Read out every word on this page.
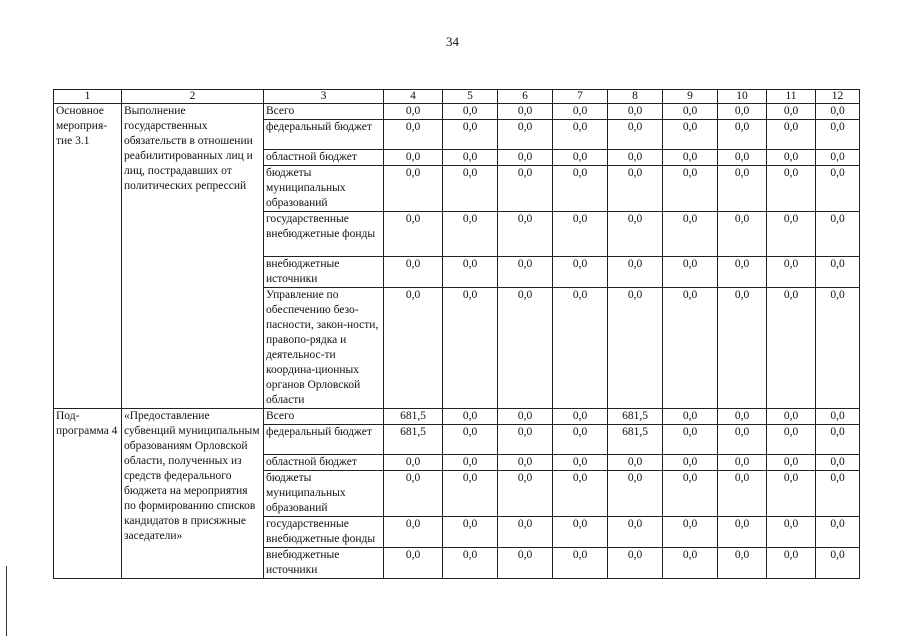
34
1	2	3	4	5	6	7	8	9	10	11	12
Основное мероприя-тие 3.1	Выполнение государственных обязательств в отношении реабилитированных лиц и лиц, пострадавших от политических репрессий	Всего	0,0	0,0	0,0	0,0	0,0	0,0	0,0	0,0	0,0
		федеральный бюджет	0,0	0,0	0,0	0,0	0,0	0,0	0,0	0,0	0,0
		областной бюджет	0,0	0,0	0,0	0,0	0,0	0,0	0,0	0,0	0,0
		бюджеты муниципальных образований	0,0	0,0	0,0	0,0	0,0	0,0	0,0	0,0	0,0
		государственные внебюджетные фонды	0,0	0,0	0,0	0,0	0,0	0,0	0,0	0,0	0,0
		внебюджетные источники	0,0	0,0	0,0	0,0	0,0	0,0	0,0	0,0	0,0
		Управление по обеспечению безо-пасности, закон-ности, правопо-рядка и деятельнос-ти координа-ционных органов Орловской области	0,0	0,0	0,0	0,0	0,0	0,0	0,0	0,0	0,0
Под-программа 4	«Предоставление субвенций муниципальным образованиям Орловской области, полученных из средств федерального бюджета на мероприятия по формированию списков кандидатов в присяжные заседатели»	Всего	681,5	0,0	0,0	0,0	681,5	0,0	0,0	0,0	0,0
		федеральный бюджет	681,5	0,0	0,0	0,0	681,5	0,0	0,0	0,0	0,0
		областной бюджет	0,0	0,0	0,0	0,0	0,0	0,0	0,0	0,0	0,0
		бюджеты муниципальных образований	0,0	0,0	0,0	0,0	0,0	0,0	0,0	0,0	0,0
		государственные внебюджетные фонды	0,0	0,0	0,0	0,0	0,0	0,0	0,0	0,0	0,0
		внебюджетные источники	0,0	0,0	0,0	0,0	0,0	0,0	0,0	0,0	0,0
